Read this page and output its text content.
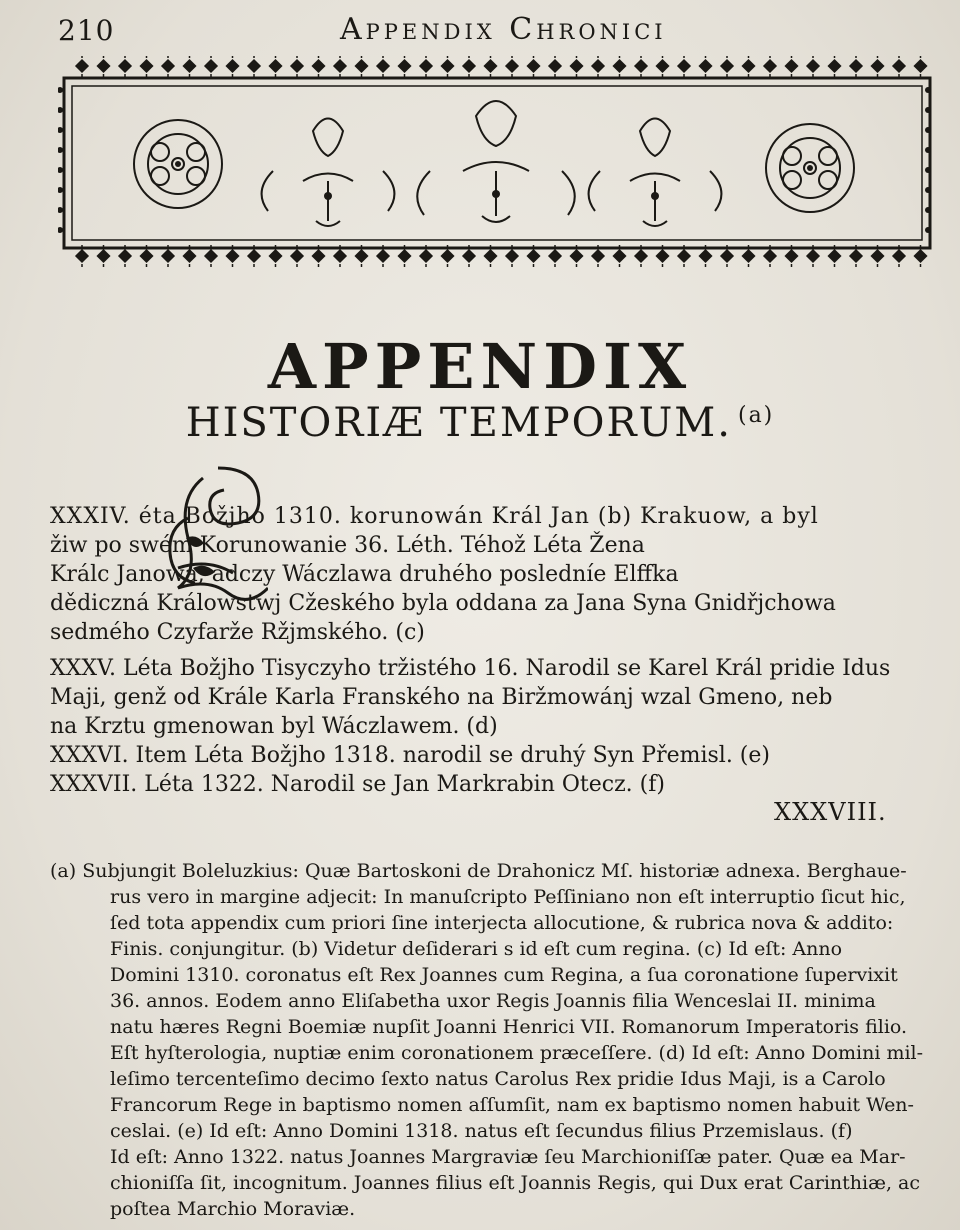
210	Appendix Chronici
APPENDIX
HISTORIÆ TEMPORUM. $^{(a)}$
XXXIV. éta Božjho 1310. korunowán Král Jan (b) Krakuow, a byl
žiw po swém Korunowanie 36. Léth. Téhož Léta Žena
Králc Janowa, adczy Wáczlawa druhého posledníe Elffka
dědiczná Králowstwj Cžeského byla oddana za Jana Syna Gnidřjchowa
sedmého Czyfarže Ržjmského. (c)
XXXV. Léta Božjho Tisyczyho tržistého 16. Narodil se Karel Král pridie Idus
Maji, genž od Krále Karla Franského na Biržmowánj wzal Gmeno, neb
na Krztu gmenowan byl Wáczlawem. (d)
XXXVI. Item Léta Božjho 1318. narodil se druhý Syn Přemisl. (e)
XXXVII. Léta 1322. Narodil se Jan Markrabin Otecz. (f)
XXXVIII.
(a) Subjungit Boleluzkius: Quæ Bartoskoni de Drahonicz Mſ. historiæ adnexa. Berghaue-
rus vero in margine adjecit: In manuſcripto Peſſiniano non eſt interruptio ſicut hic,
ſed tota appendix cum priori ſine interjecta allocutione, & rubrica nova & addito:
Finis. conjungitur. (b) Videtur deſiderari s id eſt cum regina. (c) Id eſt: Anno
Domini 1310. coronatus eſt Rex Joannes cum Regina, a ſua coronatione ſupervixit
36. annos. Eodem anno Eliſabetha uxor Regis Joannis filia Wenceslai II. minima
natu hæres Regni Boemiæ nupſit Joanni Henrici VII. Romanorum Imperatoris filio.
Eſt hyſterologia, nuptiæ enim coronationem præceſſere. (d) Id eſt: Anno Domini mil-
leſimo tercenteſimo decimo ſexto natus Carolus Rex pridie Idus Maji, is a Carolo
Francorum Rege in baptismo nomen aſſumſit, nam ex baptismo nomen habuit Wen-
ceslai. (e) Id eſt: Anno Domini 1318. natus eſt ſecundus filius Przemislaus. (f)
Id eſt: Anno 1322. natus Joannes Margraviæ ſeu Marchioniſſæ pater. Quæ ea Mar-
chioniſſa ſit, incognitum. Joannes filius eſt Joannis Regis, qui Dux erat Carinthiæ, ac
poſtea Marchio Moraviæ.
